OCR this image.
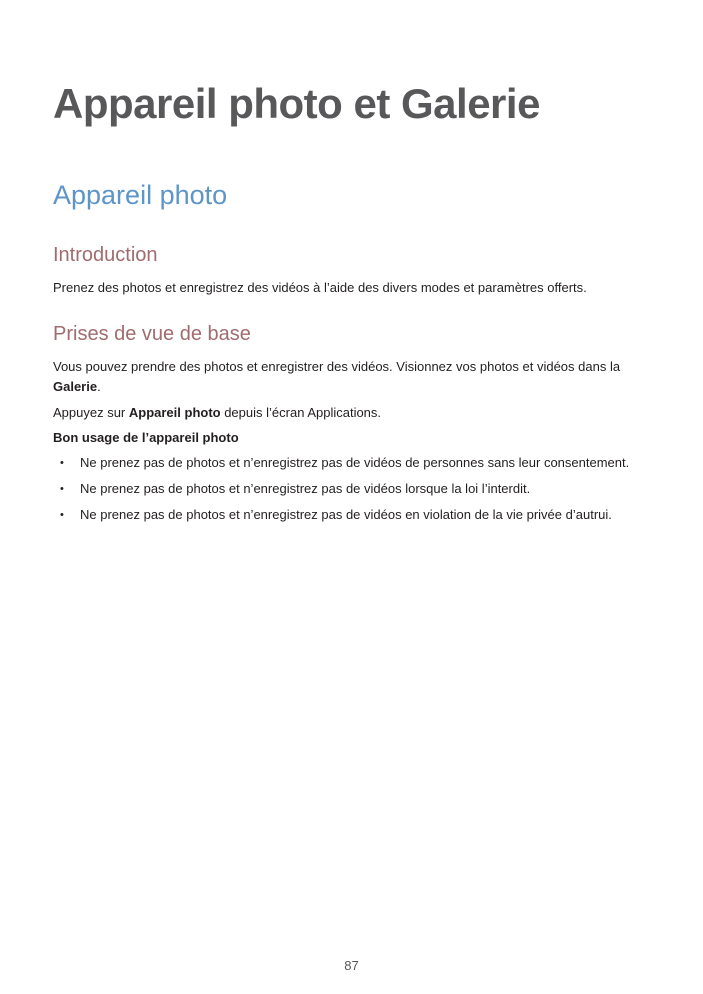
Appareil photo et Galerie
Appareil photo
Introduction

Prenez des photos et enregistrez des vidéos à l’aide des divers modes et paramètres offerts.

Prises de vue de base

Vous pouvez prendre des photos et enregistrer des vidéos. Visionnez vos photos et vidéos dans la Galerie.

Appuyez sur Appareil photo depuis l’écran Applications.

Bon usage de l’appareil photo

• Ne prenez pas de photos et n’enregistrez pas de vidéos de personnes sans leur consentement.
• Ne prenez pas de photos et n’enregistrez pas de vidéos lorsque la loi l’interdit.
• Ne prenez pas de photos et n’enregistrez pas de vidéos en violation de la vie privée d’autrui.
87
